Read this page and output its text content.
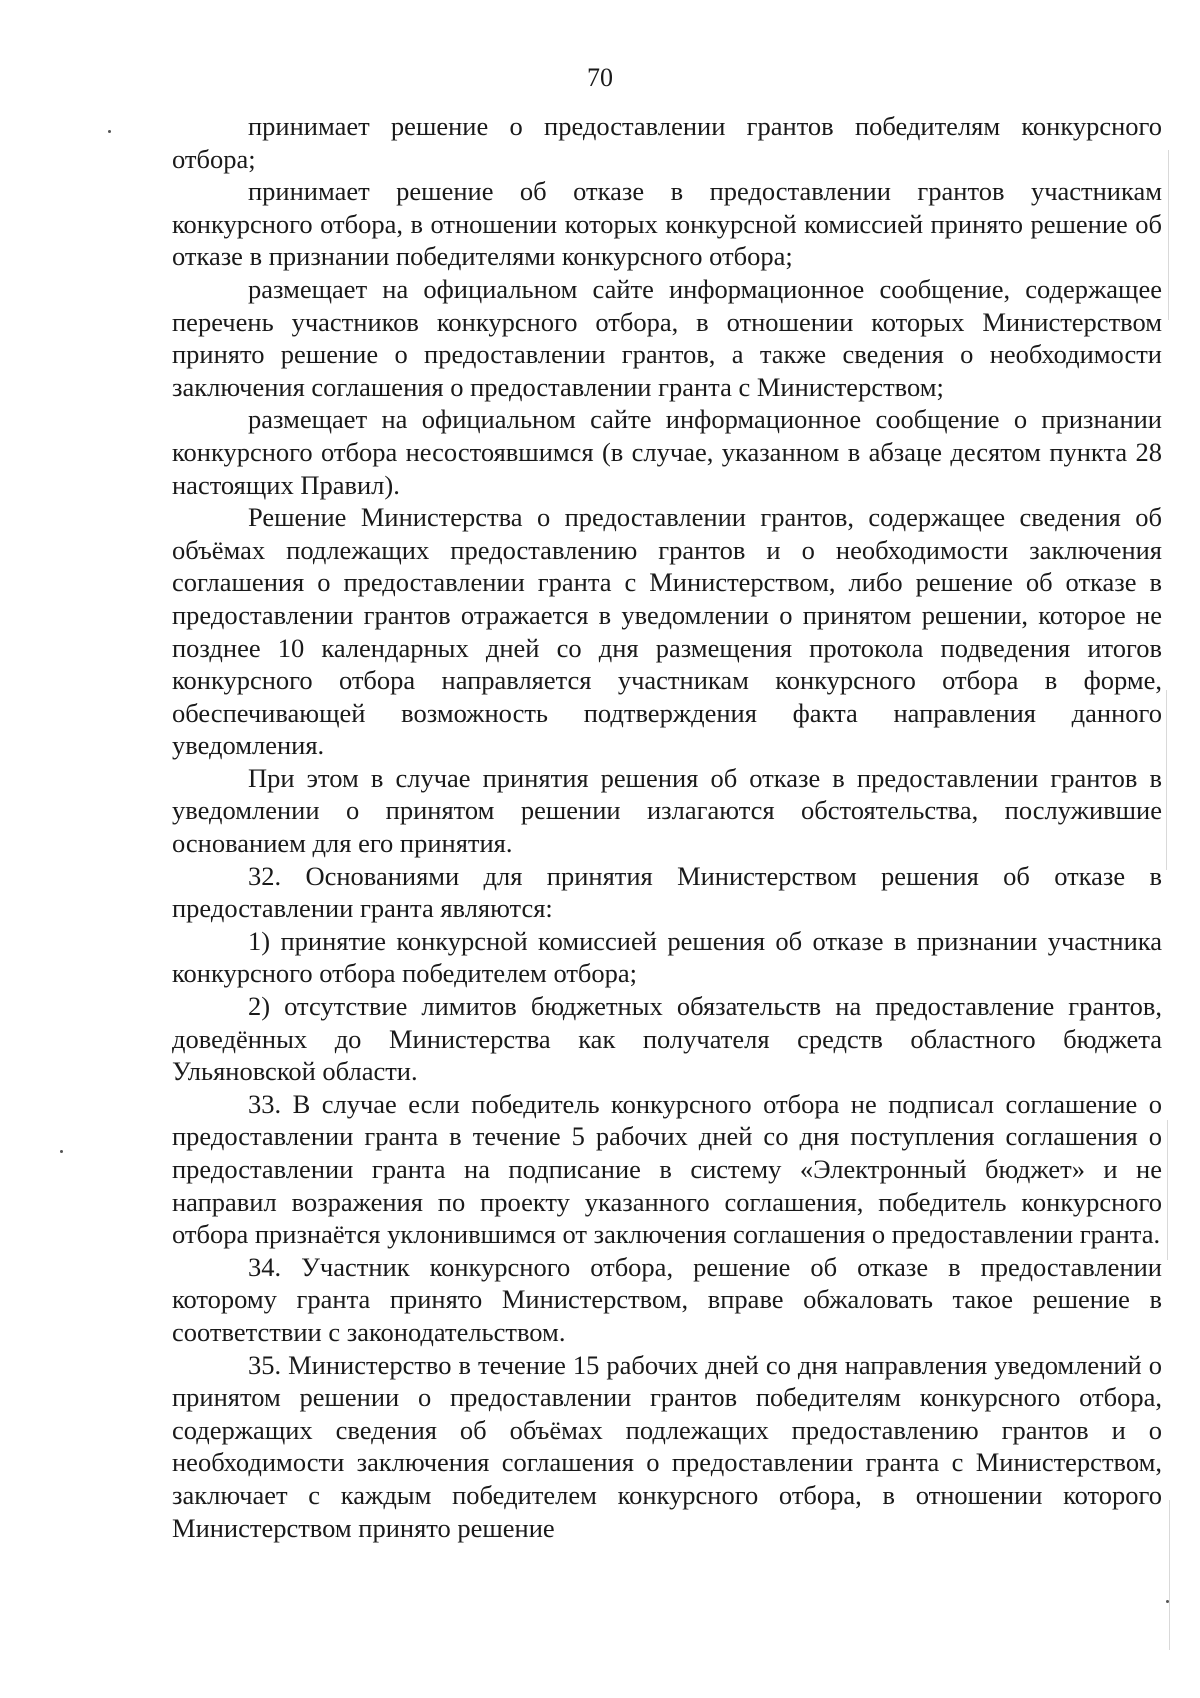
70

принимает решение о предоставлении грантов победителям конкурсного отбора;

принимает решение об отказе в предоставлении грантов участникам конкурсного отбора, в отношении которых конкурсной комиссией принято решение об отказе в признании победителями конкурсного отбора;

размещает на официальном сайте информационное сообщение, содержащее перечень участников конкурсного отбора, в отношении которых Министерством принято решение о предоставлении грантов, а также сведения о необходимости заключения соглашения о предоставлении гранта с Министерством;

размещает на официальном сайте информационное сообщение о признании конкурсного отбора несостоявшимся (в случае, указанном в абзаце десятом пункта 28 настоящих Правил).

Решение Министерства о предоставлении грантов, содержащее сведения об объёмах подлежащих предоставлению грантов и о необходимости заключения соглашения о предоставлении гранта с Министерством, либо решение об отказе в предоставлении грантов отражается в уведомлении о принятом решении, которое не позднее 10 календарных дней со дня размещения протокола подведения итогов конкурсного отбора направляется участникам конкурсного отбора в форме, обеспечивающей возможность подтверждения факта направления данного уведомления.

При этом в случае принятия решения об отказе в предоставлении грантов в уведомлении о принятом решении излагаются обстоятельства, послужившие основанием для его принятия.

32. Основаниями для принятия Министерством решения об отказе в предоставлении гранта являются:

1) принятие конкурсной комиссией решения об отказе в признании участника конкурсного отбора победителем отбора;

2) отсутствие лимитов бюджетных обязательств на предоставление грантов, доведённых до Министерства как получателя средств областного бюджета Ульяновской области.

33. В случае если победитель конкурсного отбора не подписал соглашение о предоставлении гранта в течение 5 рабочих дней со дня поступления соглашения о предоставлении гранта на подписание в систему «Электронный бюджет» и не направил возражения по проекту указанного соглашения, победитель конкурсного отбора признаётся уклонившимся от заключения соглашения о предоставлении гранта.

34. Участник конкурсного отбора, решение об отказе в предоставлении которому гранта принято Министерством, вправе обжаловать такое решение в соответствии с законодательством.

35. Министерство в течение 15 рабочих дней со дня направления уведомлений о принятом решении о предоставлении грантов победителям конкурсного отбора, содержащих сведения об объёмах подлежащих предоставлению грантов и о необходимости заключения соглашения о предоставлении гранта с Министерством, заключает с каждым победителем конкурсного отбора, в отношении которого Министерством принято решение
